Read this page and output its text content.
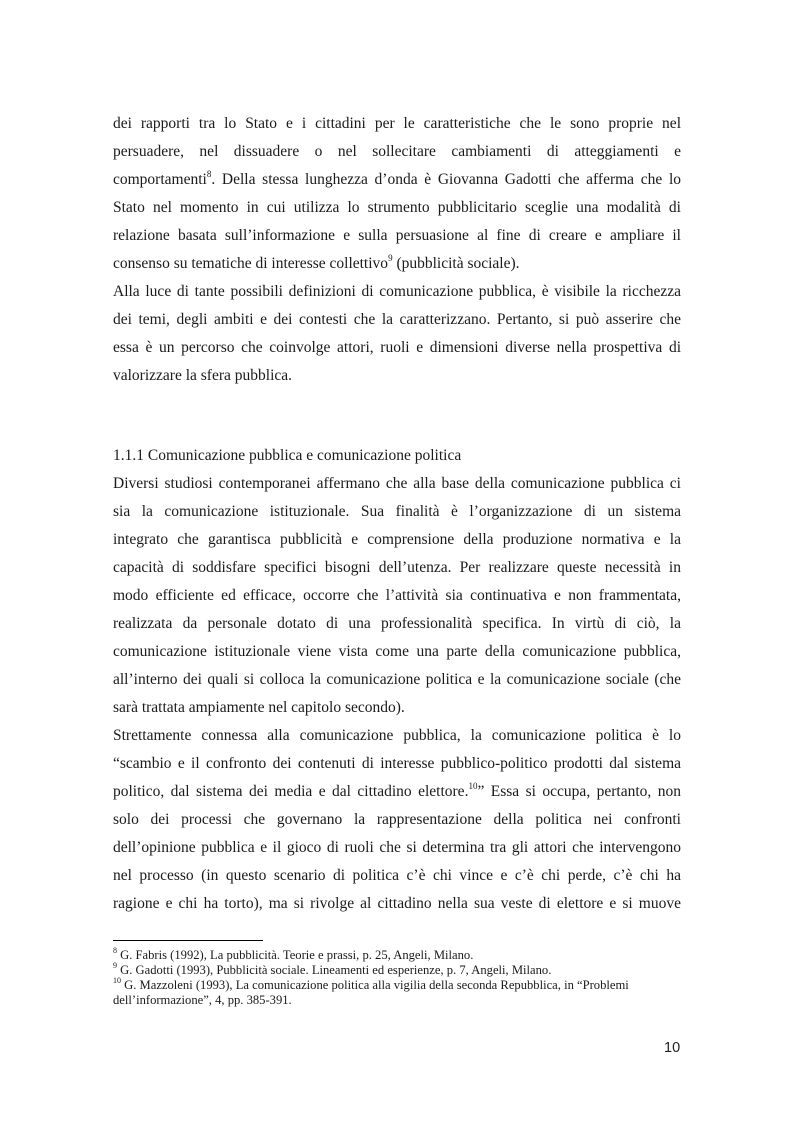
dei rapporti tra lo Stato e i cittadini per le caratteristiche che le sono proprie nel
persuadere, nel dissuadere o nel sollecitare cambiamenti di atteggiamenti e
comportamenti$^8$. Della stessa lunghezza d’onda è Giovanna Gadotti che afferma che lo
Stato nel momento in cui utilizza lo strumento pubblicitario sceglie una modalità di
relazione basata sull’informazione e sulla persuasione al fine di creare e ampliare il
consenso su tematiche di interesse collettivo$^9$ (pubblicità sociale).
Alla luce di tante possibili definizioni di comunicazione pubblica, è visibile la ricchezza
dei temi, degli ambiti e dei contesti che la caratterizzano. Pertanto, si può asserire che
essa è un percorso che coinvolge attori, ruoli e dimensioni diverse nella prospettiva di
valorizzare la sfera pubblica.
1.1.1 Comunicazione pubblica e comunicazione politica
Diversi studiosi contemporanei affermano che alla base della comunicazione pubblica ci
sia la comunicazione istituzionale. Sua finalità è l’organizzazione di un sistema
integrato che garantisca pubblicità e comprensione della produzione normativa e la
capacità di soddisfare specifici bisogni dell’utenza. Per realizzare queste necessità in
modo efficiente ed efficace, occorre che l’attività sia continuativa e non frammentata,
realizzata da personale dotato di una professionalità specifica. In virtù di ciò, la
comunicazione istituzionale viene vista come una parte della comunicazione pubblica,
all’interno dei quali si colloca la comunicazione politica e la comunicazione sociale (che
sarà trattata ampiamente nel capitolo secondo).
Strettamente connessa alla comunicazione pubblica, la comunicazione politica è lo
“scambio e il confronto dei contenuti di interesse pubblico-politico prodotti dal sistema
politico, dal sistema dei media e dal cittadino elettore.$^{10}$” Essa si occupa, pertanto, non
solo dei processi che governano la rappresentazione della politica nei confronti
dell’opinione pubblica e il gioco di ruoli che si determina tra gli attori che intervengono
nel processo (in questo scenario di politica c’è chi vince e c’è chi perde, c’è chi ha
ragione e chi ha torto), ma si rivolge al cittadino nella sua veste di elettore e si muove
$^8$ G. Fabris (1992), La pubblicità. Teorie e prassi, p. 25, Angeli, Milano.
$^9$ G. Gadotti (1993), Pubblicità sociale. Lineamenti ed esperienze, p. 7, Angeli, Milano.
$^{10}$ G. Mazzoleni (1993), La comunicazione politica alla vigilia della seconda Repubblica, in “Problemi
dell’informazione”, 4, pp. 385-391.
10
